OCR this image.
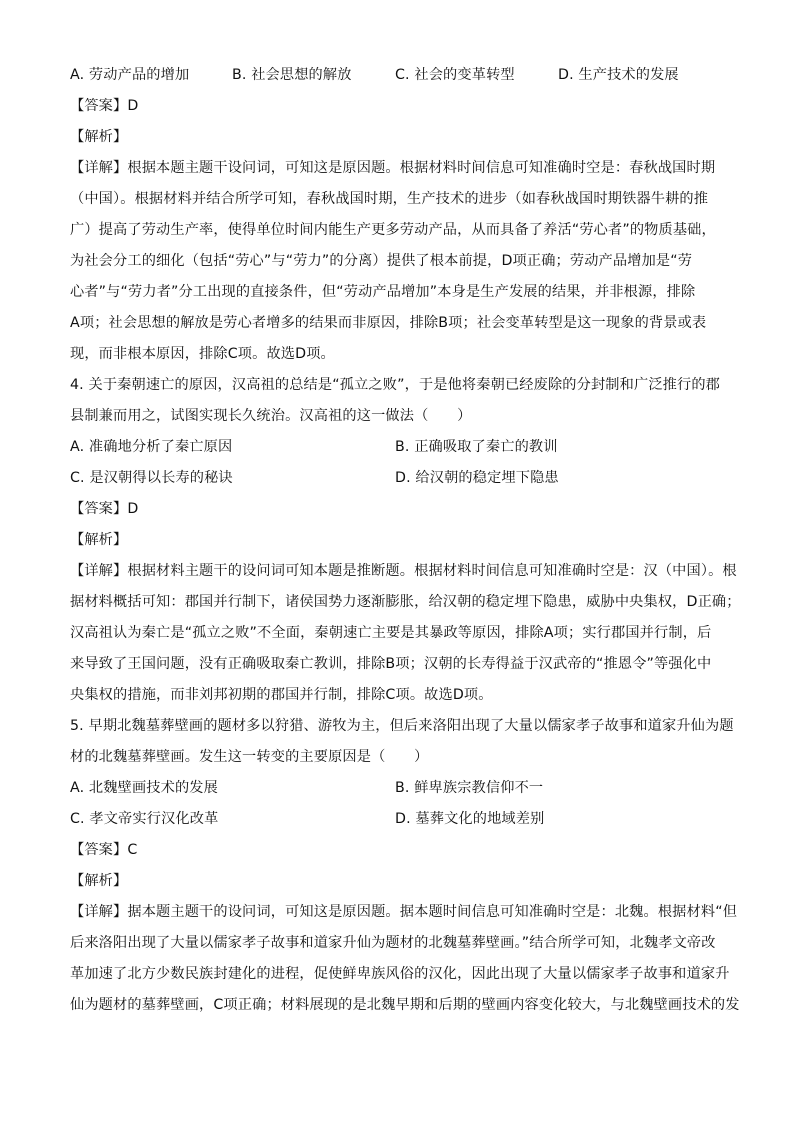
A. 劳动产品的增加	B. 社会思想的解放	C. 社会的变革转型	D. 生产技术的发展
【答案】D
【解析】
【详解】根据本题主题干设问词，可知这是原因题。根据材料时间信息可知准确时空是：春秋战国时期
（中国）。根据材料并结合所学可知，春秋战国时期，生产技术的进步（如春秋战国时期铁器牛耕的推
广）提高了劳动生产率，使得单位时间内能生产更多劳动产品，从而具备了养活“劳心者”的物质基础，
为社会分工的细化（包括“劳心”与“劳力”的分离）提供了根本前提，D项正确；劳动产品增加是“劳
心者”与“劳力者”分工出现的直接条件，但“劳动产品增加”本身是生产发展的结果，并非根源，排除
A项；社会思想的解放是劳心者增多的结果而非原因，排除B项；社会变革转型是这一现象的背景或表
现，而非根本原因，排除C项。故选D项。
4. 关于秦朝速亡的原因，汉高祖的总结是“孤立之败”，于是他将秦朝已经废除的分封制和广泛推行的郡
县制兼而用之，试图实现长久统治。汉高祖的这一做法（　　）
A. 准确地分析了秦亡原因	B. 正确吸取了秦亡的教训
C. 是汉朝得以长寿的秘诀	D. 给汉朝的稳定埋下隐患
【答案】D
【解析】
【详解】根据材料主题干的设问词可知本题是推断题。根据材料时间信息可知准确时空是：汉（中国）。根
据材料概括可知：郡国并行制下，诸侯国势力逐渐膨胀，给汉朝的稳定埋下隐患，威胁中央集权，D正确；
汉高祖认为秦亡是“孤立之败”不全面，秦朝速亡主要是其暴政等原因，排除A项；实行郡国并行制，后
来导致了王国问题，没有正确吸取秦亡教训，排除B项；汉朝的长寿得益于汉武帝的“推恩令”等强化中
央集权的措施，而非刘邦初期的郡国并行制，排除C项。故选D项。
5. 早期北魏墓葬壁画的题材多以狩猎、游牧为主，但后来洛阳出现了大量以儒家孝子故事和道家升仙为题
材的北魏墓葬壁画。发生这一转变的主要原因是（　　）
A. 北魏壁画技术的发展	B. 鲜卑族宗教信仰不一
C. 孝文帝实行汉化改革	D. 墓葬文化的地域差别
【答案】C
【解析】
【详解】据本题主题干的设问词，可知这是原因题。据本题时间信息可知准确时空是：北魏。根据材料“但
后来洛阳出现了大量以儒家孝子故事和道家升仙为题材的北魏墓葬壁画。”结合所学可知，北魏孝文帝改
革加速了北方少数民族封建化的进程，促使鲜卑族风俗的汉化，因此出现了大量以儒家孝子故事和道家升
仙为题材的墓葬壁画，C项正确；材料展现的是北魏早期和后期的壁画内容变化较大，与北魏壁画技术的发
